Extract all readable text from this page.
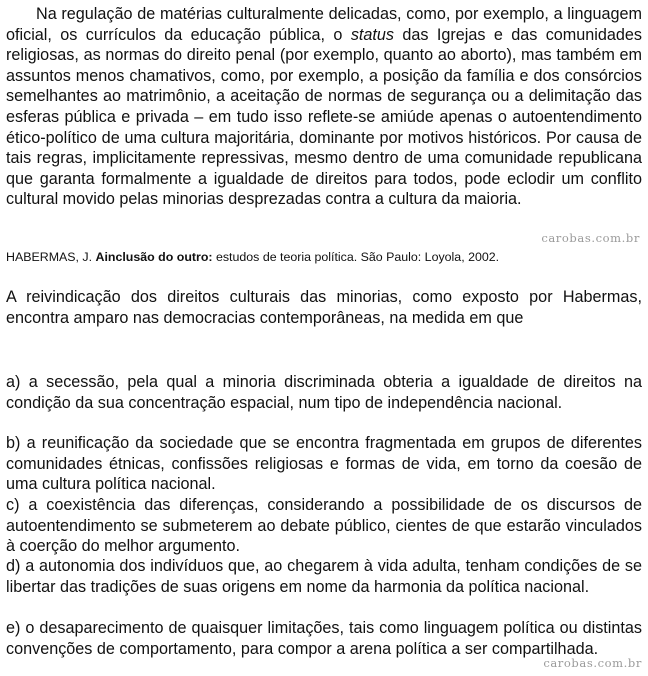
Na regulação de matérias culturalmente delicadas, como, por exemplo, a linguagem oficial, os currículos da educação pública, o status das Igrejas e das comunidades religiosas, as normas do direito penal (por exemplo, quanto ao aborto), mas também em assuntos menos chamativos, como, por exemplo, a posição da família e dos consórcios semelhantes ao matrimônio, a aceitação de normas de segurança ou a delimitação das esferas pública e privada – em tudo isso reflete-se amiúde apenas o autoentendimento ético-político de uma cultura majoritária, dominante por motivos históricos. Por causa de tais regras, implicitamente repressivas, mesmo dentro de uma comunidade republicana que garanta formalmente a igualdade de direitos para todos, pode eclodir um conflito cultural movido pelas minorias desprezadas contra a cultura da maioria.
carobas.com.br
HABERMAS, J. Ainclusão do outro: estudos de teoria política. São Paulo: Loyola, 2002.
A reivindicação dos direitos culturais das minorias, como exposto por Habermas, encontra amparo nas democracias contemporâneas, na medida em que
a) a secessão, pela qual a minoria discriminada obteria a igualdade de direitos na condição da sua concentração espacial, num tipo de independência nacional.
b) a reunificação da sociedade que se encontra fragmentada em grupos de diferentes comunidades étnicas, confissões religiosas e formas de vida, em torno da coesão de uma cultura política nacional.
c) a coexistência das diferenças, considerando a possibilidade de os discursos de autoentendimento se submeterem ao debate público, cientes de que estarão vinculados à coerção do melhor argumento.
d) a autonomia dos indivíduos que, ao chegarem à vida adulta, tenham condições de se libertar das tradições de suas origens em nome da harmonia da política nacional.
e) o desaparecimento de quaisquer limitações, tais como linguagem política ou distintas convenções de comportamento, para compor a arena política a ser compartilhada.
carobas.com.br
